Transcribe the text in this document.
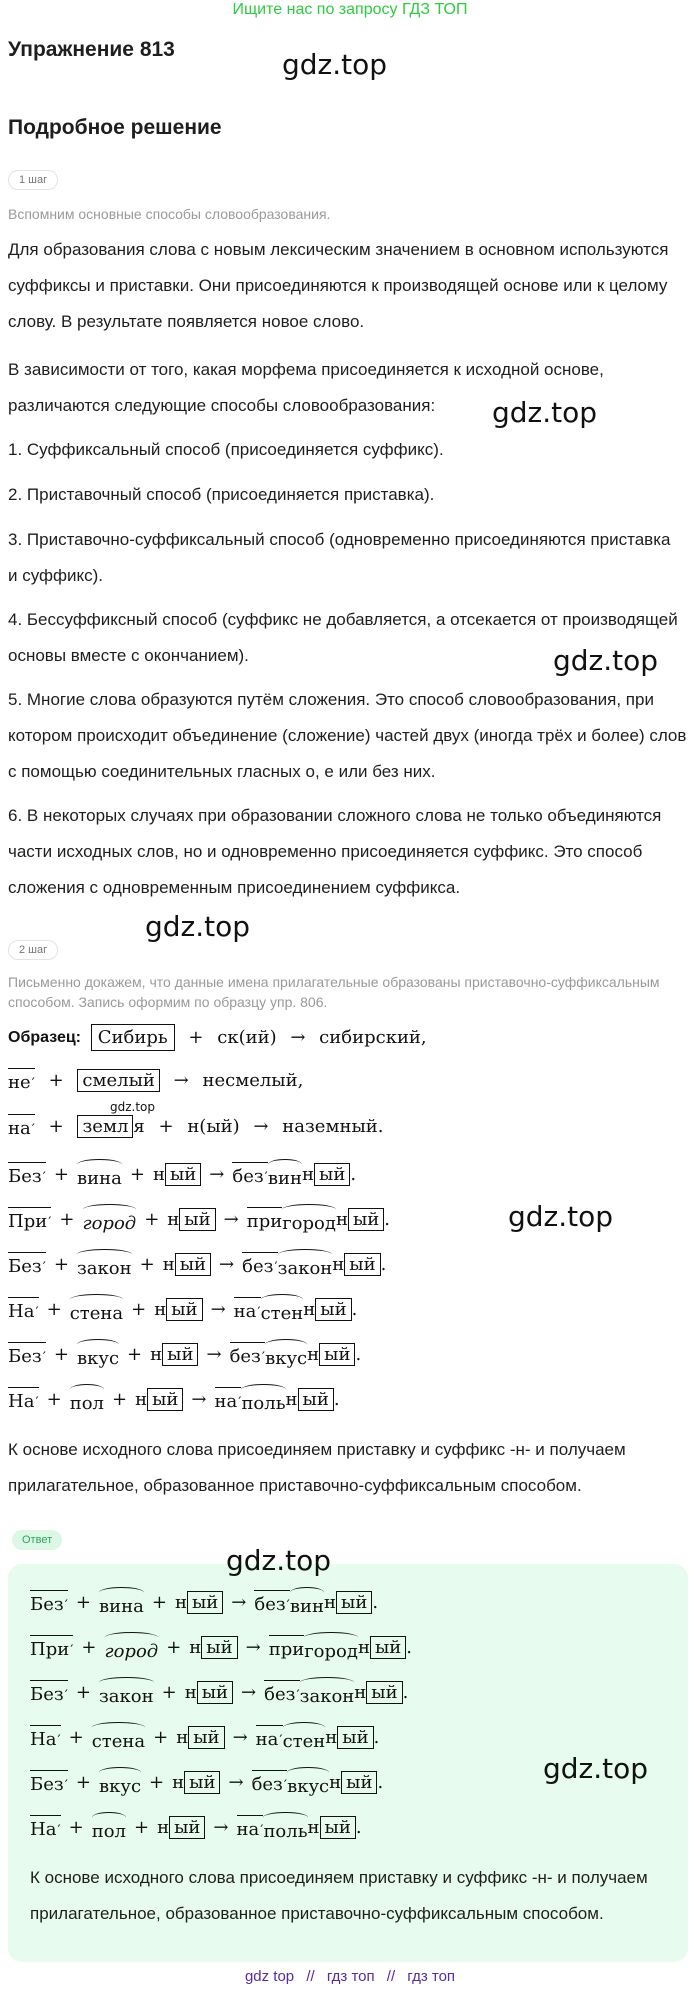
Ищите нас по запросу ГДЗ ТОП
Упражнение 813	gdz.top
Подробное решение
1 шаг
Вспомним основные способы словообразования.
Для образования слова с новым лексическим значением в основном используются суффиксы и приставки. Они присоединяются к производящей основе или к целому слову. В результате появляется новое слово.
В зависимости от того, какая морфема присоединяется к исходной основе, различаются следующие способы словообразования:	gdz.top
1. Суффиксальный способ (присоединяется суффикс).
2. Приставочный способ (присоединяется приставка).
3. Приставочно-суффиксальный способ (одновременно присоединяются приставка и суффикс).
4. Бессуффиксный способ (суффикс не добавляется, а отсекается от производящей основы вместе с окончанием).	gdz.top
5. Многие слова образуются путём сложения. Это способ словообразования, при котором происходит объединение (сложение) частей двух (иногда трёх и более) слов с помощью соединительных гласных о, е или без них.
6. В некоторых случаях при образовании сложного слова не только объединяются части исходных слов, но и одновременно присоединяется суффикс. Это способ сложения с одновременным присоединением суффикса.
gdz.top
2 шаг
Письменно докажем, что данные имена прилагательные образованы приставочно-суффиксальным способом. Запись оформим по образцу упр. 806.
Образец: Сибирь + ск(ий) → сибирский,
не ′ + смелый → несмелый,
gdz.top
на ′ + земл я + н(ый) → наземный.
Без ′ + вина + н ый → без ′ винн ый .
При ′ + город + н ый → пригородн ый .	gdz.top
Без ′ + закон + н ый → без ′ законн ый .
На ′ + стена + н ый → на ′ стенн ый .
Без ′ + вкус + н ый → без ′ вкусн ый .
На ′ + пол + н ый → на ′ польн ый .
К основе исходного слова присоединяем приставку и суффикс -н- и получаем прилагательное, образованное приставочно-суффиксальным способом.
Ответ
gdz.top
Без ′ + вина + н ый → без ′ винн ый .
При ′ + город + н ый → пригородн ый .
Без ′ + закон + н ый → без ′ законн ый .
На ′ + стена + н ый → на ′ стенн ый .
gdz.top
Без ′ + вкус + н ый → без ′ вкусн ый .
На ′ + пол + н ый → на ′ польн ый .
К основе исходного слова присоединяем приставку и суффикс -н- и получаем прилагательное, образованное приставочно-суффиксальным способом.
gdz top // гдз топ // гдз топ
